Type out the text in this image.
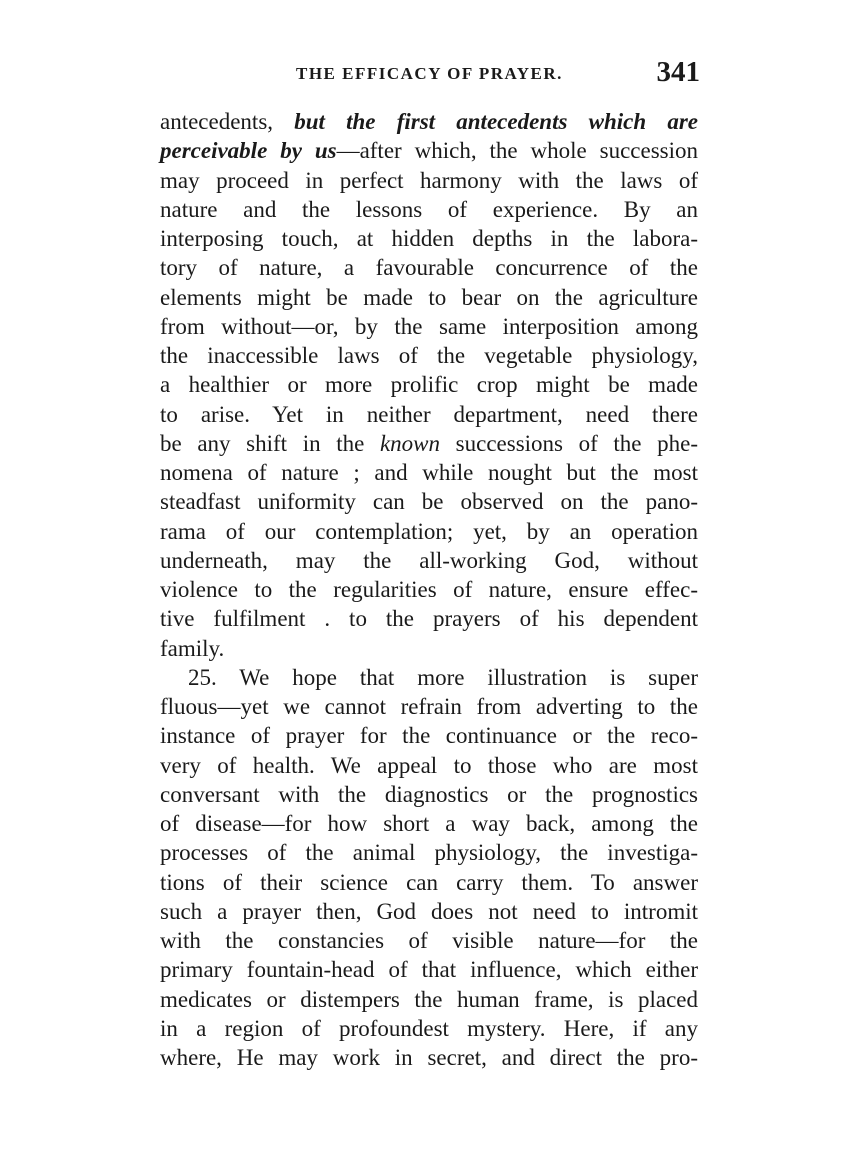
THE EFFICACY OF PRAYER.	341
antecedents, but the first antecedents which are
perceivable by us—after which, the whole succession
may proceed in perfect harmony with the laws of
nature and the lessons of experience. By an
interposing touch, at hidden depths in the labora-
tory of nature, a favourable concurrence of the
elements might be made to bear on the agriculture
from without—or, by the same interposition among
the inaccessible laws of the vegetable physiology,
a healthier or more prolific crop might be made
to arise. Yet in neither department, need there
be any shift in the known successions of the phe-
nomena of nature ; and while nought but the most
steadfast uniformity can be observed on the pano-
rama of our contemplation; yet, by an operation
underneath, may the all-working God, without
violence to the regularities of nature, ensure effec-
tive fulfilment . to the prayers of his dependent
family.
25. We hope that more illustration is super
fluous—yet we cannot refrain from adverting to the
instance of prayer for the continuance or the reco-
very of health. We appeal to those who are most
conversant with the diagnostics or the prognostics
of disease—for how short a way back, among the
processes of the animal physiology, the investiga-
tions of their science can carry them. To answer
such a prayer then, God does not need to intromit
with the constancies of visible nature—for the
primary fountain-head of that influence, which either
medicates or distempers the human frame, is placed
in a region of profoundest mystery. Here, if any
where, He may work in secret, and direct the pro-
